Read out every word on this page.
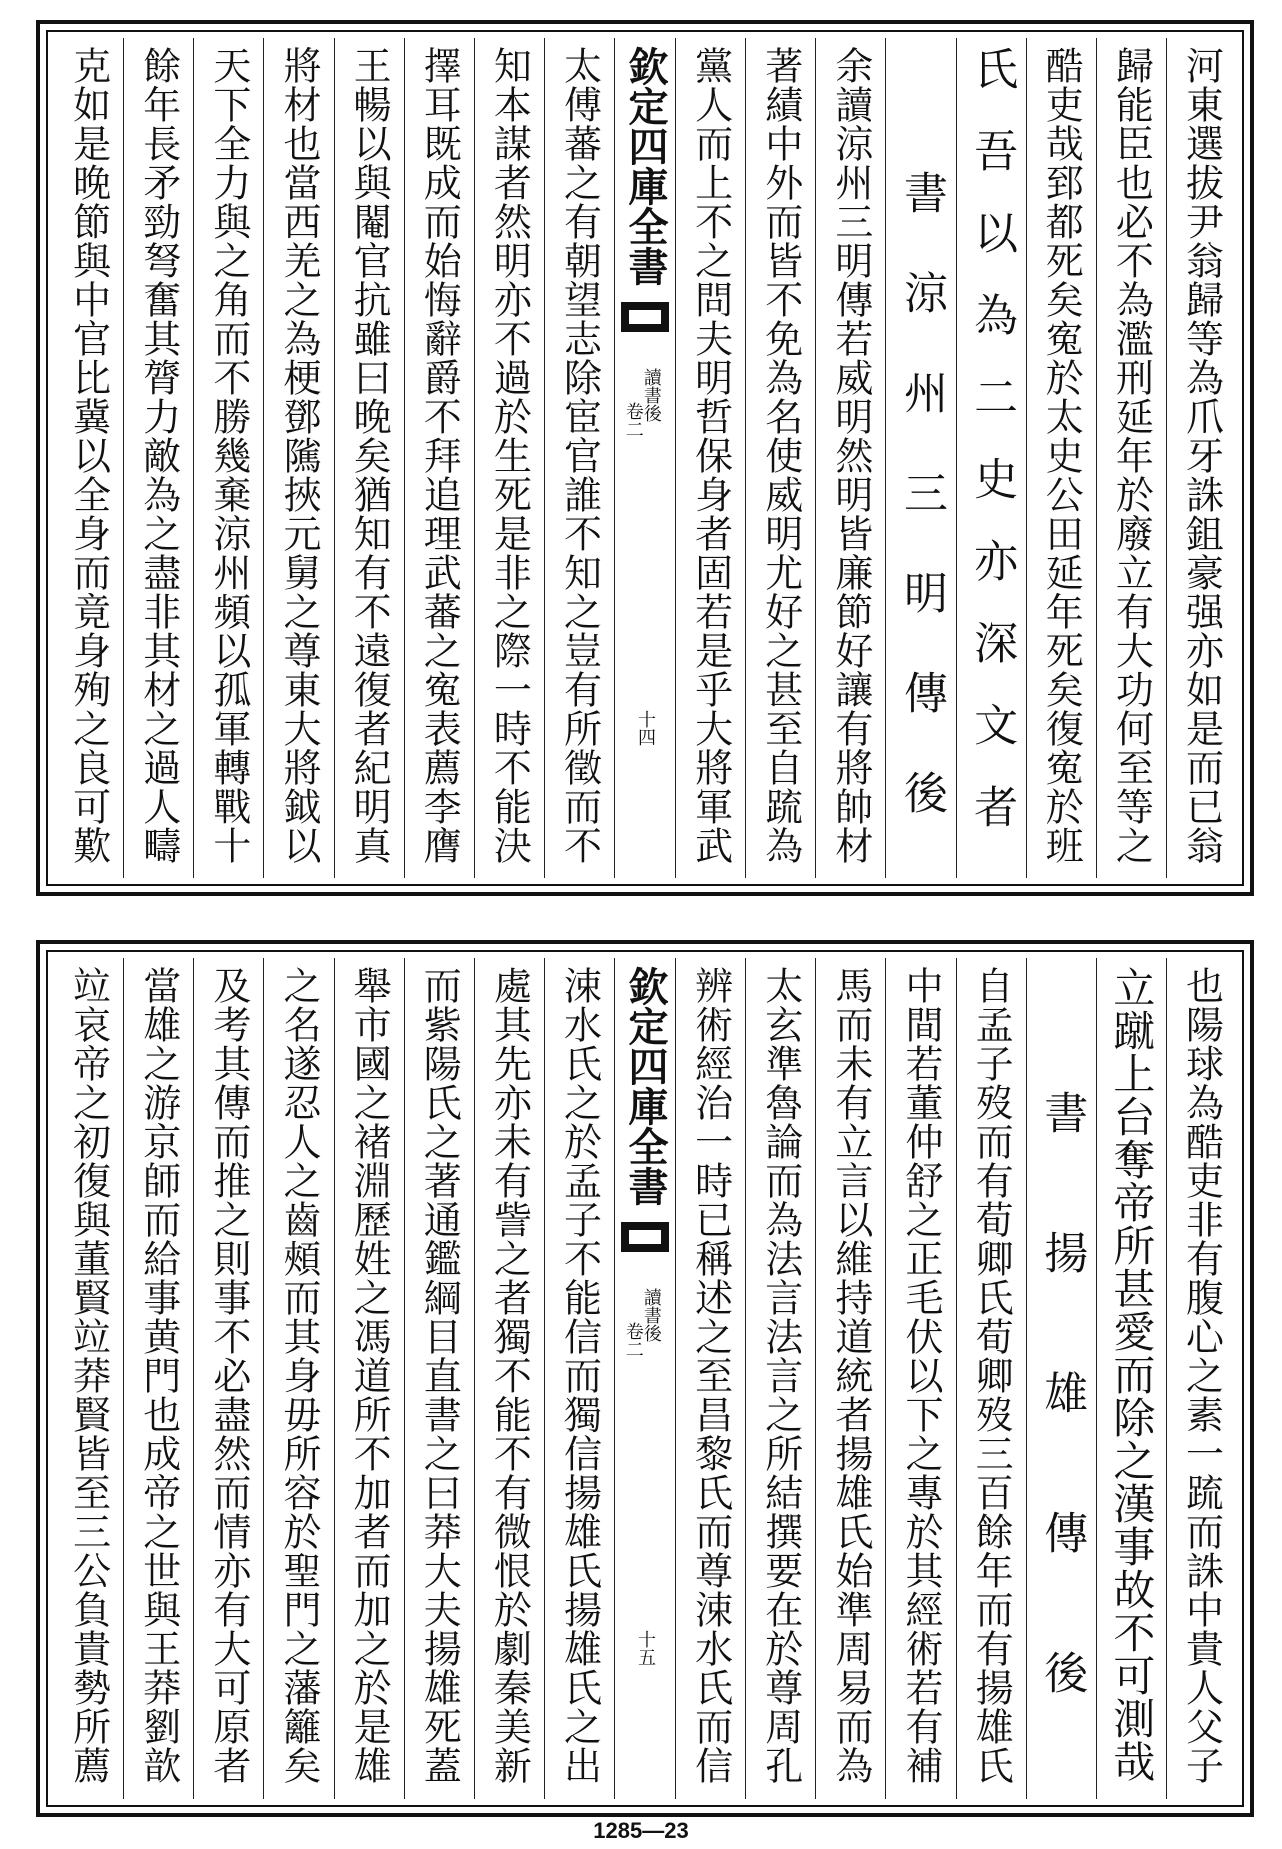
河東選拔尹翁歸等為爪牙誅鉏豪强亦如是而已翁
歸能臣也必不為濫刑延年於廢立有大功何至等之
酷吏哉郅都死矣寃於太史公田延年死矣復寃於班
氏吾以為二史亦深文者
書涼州三明傳後
余讀涼州三明傳若威明然明皆廉節好讓有將帥材
著績中外而皆不免為名使威明尤好之甚至自䟽為
黨人而上不之問夫明哲保身者固若是乎大將軍武
欽定四庫全書
讀書後
卷二
十四
太傅蕃之有朝望志除宦官誰不知之豈有所徵而不
知本謀者然明亦不過於生死是非之際一時不能決
擇耳既成而始悔辭爵不拜追理武蕃之寃表薦李膺
王暢以與閹官抗雖曰晚矣猶知有不遠復者紀明真
將材也當西羌之為梗鄧隲挾元舅之尊東大將鉞以
天下全力與之角而不勝幾棄涼州頻以孤軍轉戰十
餘年長矛勁弩奮其膂力敵為之盡非其材之過人疇
克如是晚節與中官比冀以全身而竟身殉之良可歎
也陽球為酷吏非有腹心之素一䟽而誅中貴人父子
立蹴上台奪帝所甚愛而除之漢事故不可測哉
書揚雄傳後
自孟子歿而有荀卿氏荀卿歿三百餘年而有揚雄氏
中間若董仲舒之正毛伏以下之專於其經術若有補
馬而未有立言以維持道統者揚雄氏始準周易而為
太玄準魯論而為法言法言之所結撰要在於尊周孔
辨術經治一時已稱述之至昌黎氏而尊涑水氏而信
欽定四庫全書
讀書後
卷二
十五
涑水氏之於孟子不能信而獨信揚雄氏揚雄氏之出
處其先亦未有訾之者獨不能不有微恨於劇秦美新
而紫陽氏之著通鑑綱目直書之曰莽大夫揚雄死蓋
舉市國之褚淵歷姓之馮道所不加者而加之於是雄
之名遂忍人之齒頰而其身毋所容於聖門之藩籬矣
及考其傳而推之則事不必盡然而情亦有大可原者
當雄之游京師而給事黄門也成帝之世與王莽劉歆
竝哀帝之初復與董賢竝莽賢皆至三公負貴勢所薦
1285—23
